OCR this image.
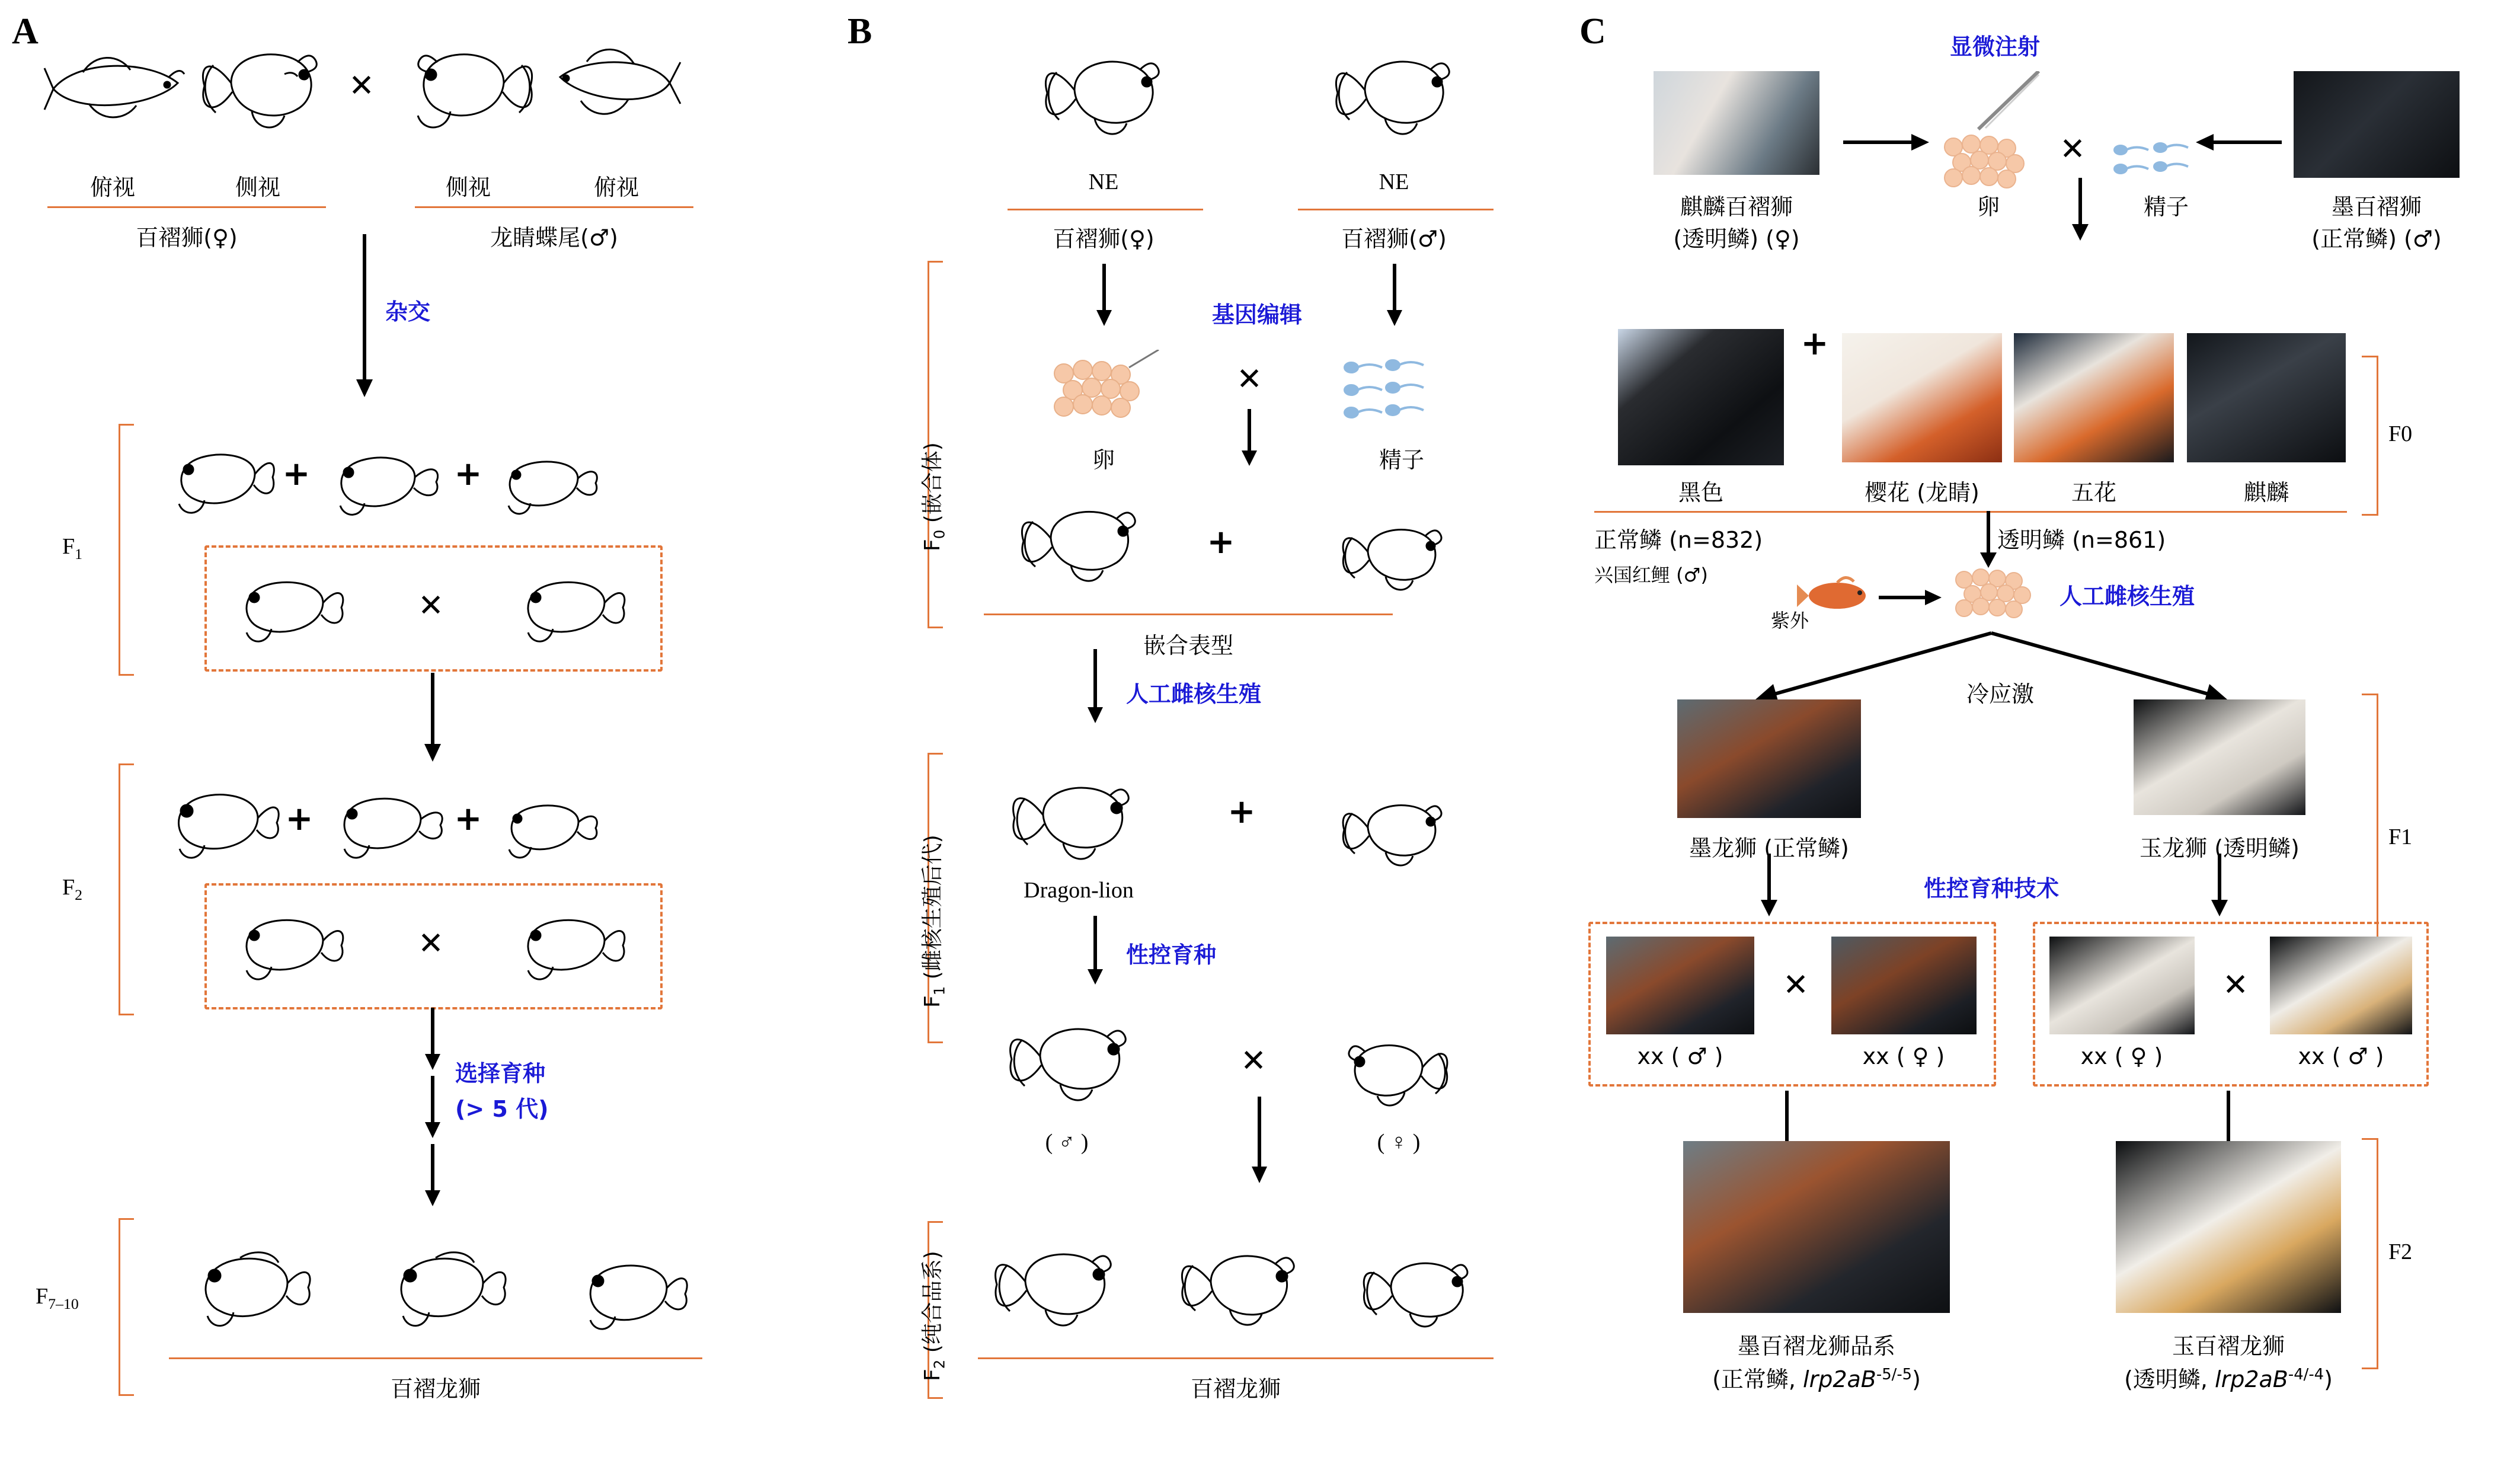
A
✕
俯视	侧视	侧视	俯视
百褶狮(♀)	龙睛蝶尾(♂)
杂交
+	+
✕
$F_1$
+	+
✕
$F_2$
选择育种
(> 5 代)
$F_{7-10}$
百褶龙狮
B
NE	NE
百褶狮(♀)	百褶狮(♂)
基因编辑
卵	精子
✕
+
嵌合表型
$F_0$ (嵌合体)
人工雌核生殖
+
Dragon-lion
性控育种
$F_1$ (雌核生殖后代)
✕
( ♂ )	( ♀ )
$F_2$ (纯合品系)
百褶龙狮
C	显微注射
麒麟百褶狮
(透明鳞) (♀)
墨百褶狮
(正常鳞) (♂)
卵
✕
精子
+
黑色	樱花 (龙睛)	五花	麒麟
F0
正常鳞 (n=832)	透明鳞 (n=861)
兴国红鲤 (♂)
紫外
人工雌核生殖
冷应激
墨龙狮 (正常鳞)	玉龙狮 (透明鳞)
性控育种技术
F1
✕
xx ( ♂ )	xx ( ♀ )
✕
xx ( ♀ )	xx ( ♂ )
墨百褶龙狮品系
(正常鳞, $lrp2aB^{-5/-5}$)
玉百褶龙狮
(透明鳞, $lrp2aB^{-4/-4}$)
F2
